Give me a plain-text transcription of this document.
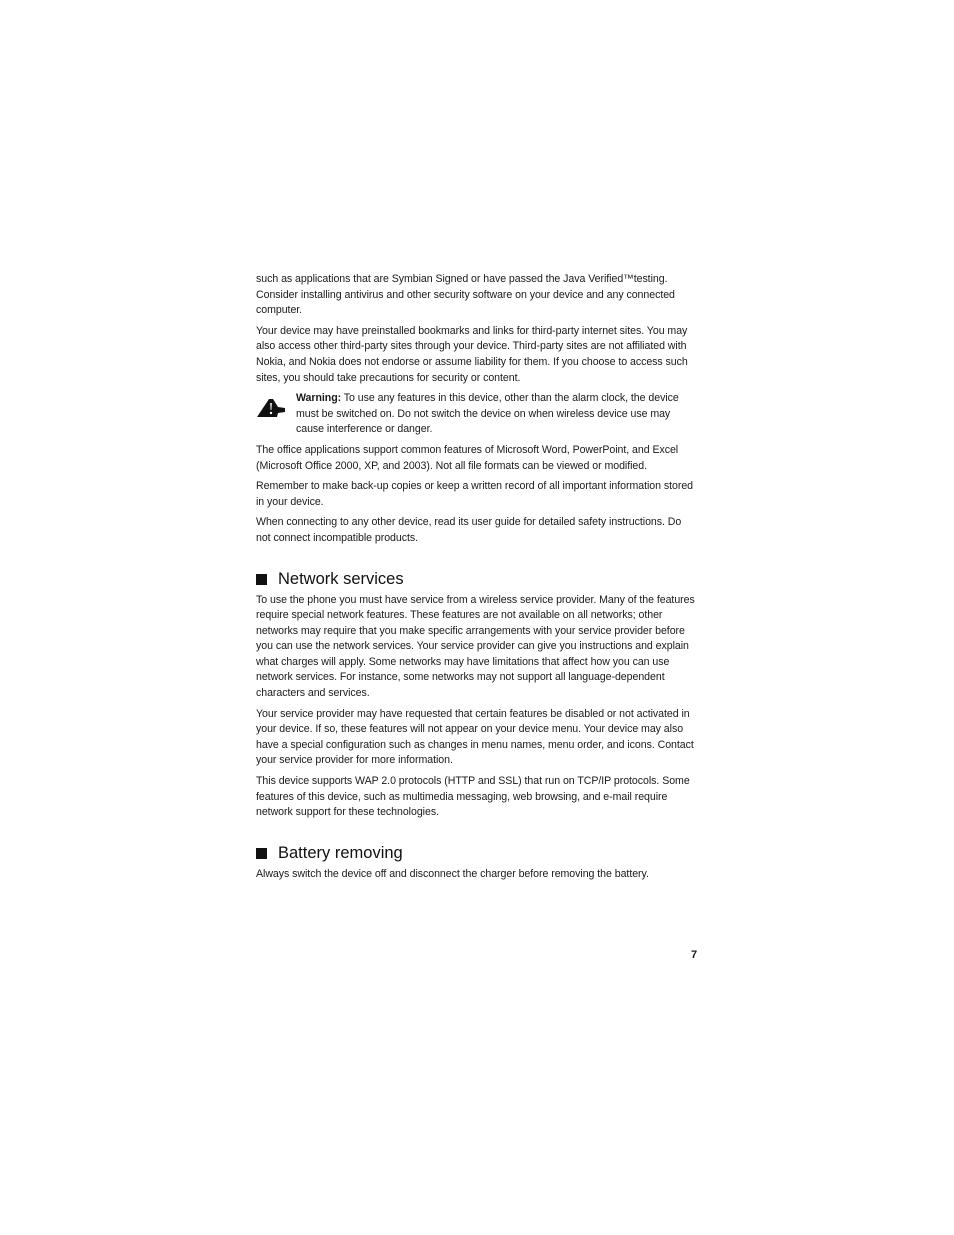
such as applications that are Symbian Signed or have passed the Java Verified™testing. Consider installing antivirus and other security software on your device and any connected computer.

Your device may have preinstalled bookmarks and links for third-party internet sites. You may also access other third-party sites through your device. Third-party sites are not affiliated with Nokia, and Nokia does not endorse or assume liability for them. If you choose to access such sites, you should take precautions for security or content.

Warning: To use any features in this device, other than the alarm clock, the device must be switched on. Do not switch the device on when wireless device use may cause interference or danger.

The office applications support common features of Microsoft Word, PowerPoint, and Excel (Microsoft Office 2000, XP, and 2003). Not all file formats can be viewed or modified.

Remember to make back-up copies or keep a written record of all important information stored in your device.

When connecting to any other device, read its user guide for detailed safety instructions. Do not connect incompatible products.

Network services

To use the phone you must have service from a wireless service provider. Many of the features require special network features. These features are not available on all networks; other networks may require that you make specific arrangements with your service provider before you can use the network services. Your service provider can give you instructions and explain what charges will apply. Some networks may have limitations that affect how you can use network services. For instance, some networks may not support all language-dependent characters and services.

Your service provider may have requested that certain features be disabled or not activated in your device. If so, these features will not appear on your device menu. Your device may also have a special configuration such as changes in menu names, menu order, and icons. Contact your service provider for more information.

This device supports WAP 2.0 protocols (HTTP and SSL) that run on TCP/IP protocols. Some features of this device, such as multimedia messaging, web browsing, and e-mail require network support for these technologies.

Battery removing

Always switch the device off and disconnect the charger before removing the battery.

7
